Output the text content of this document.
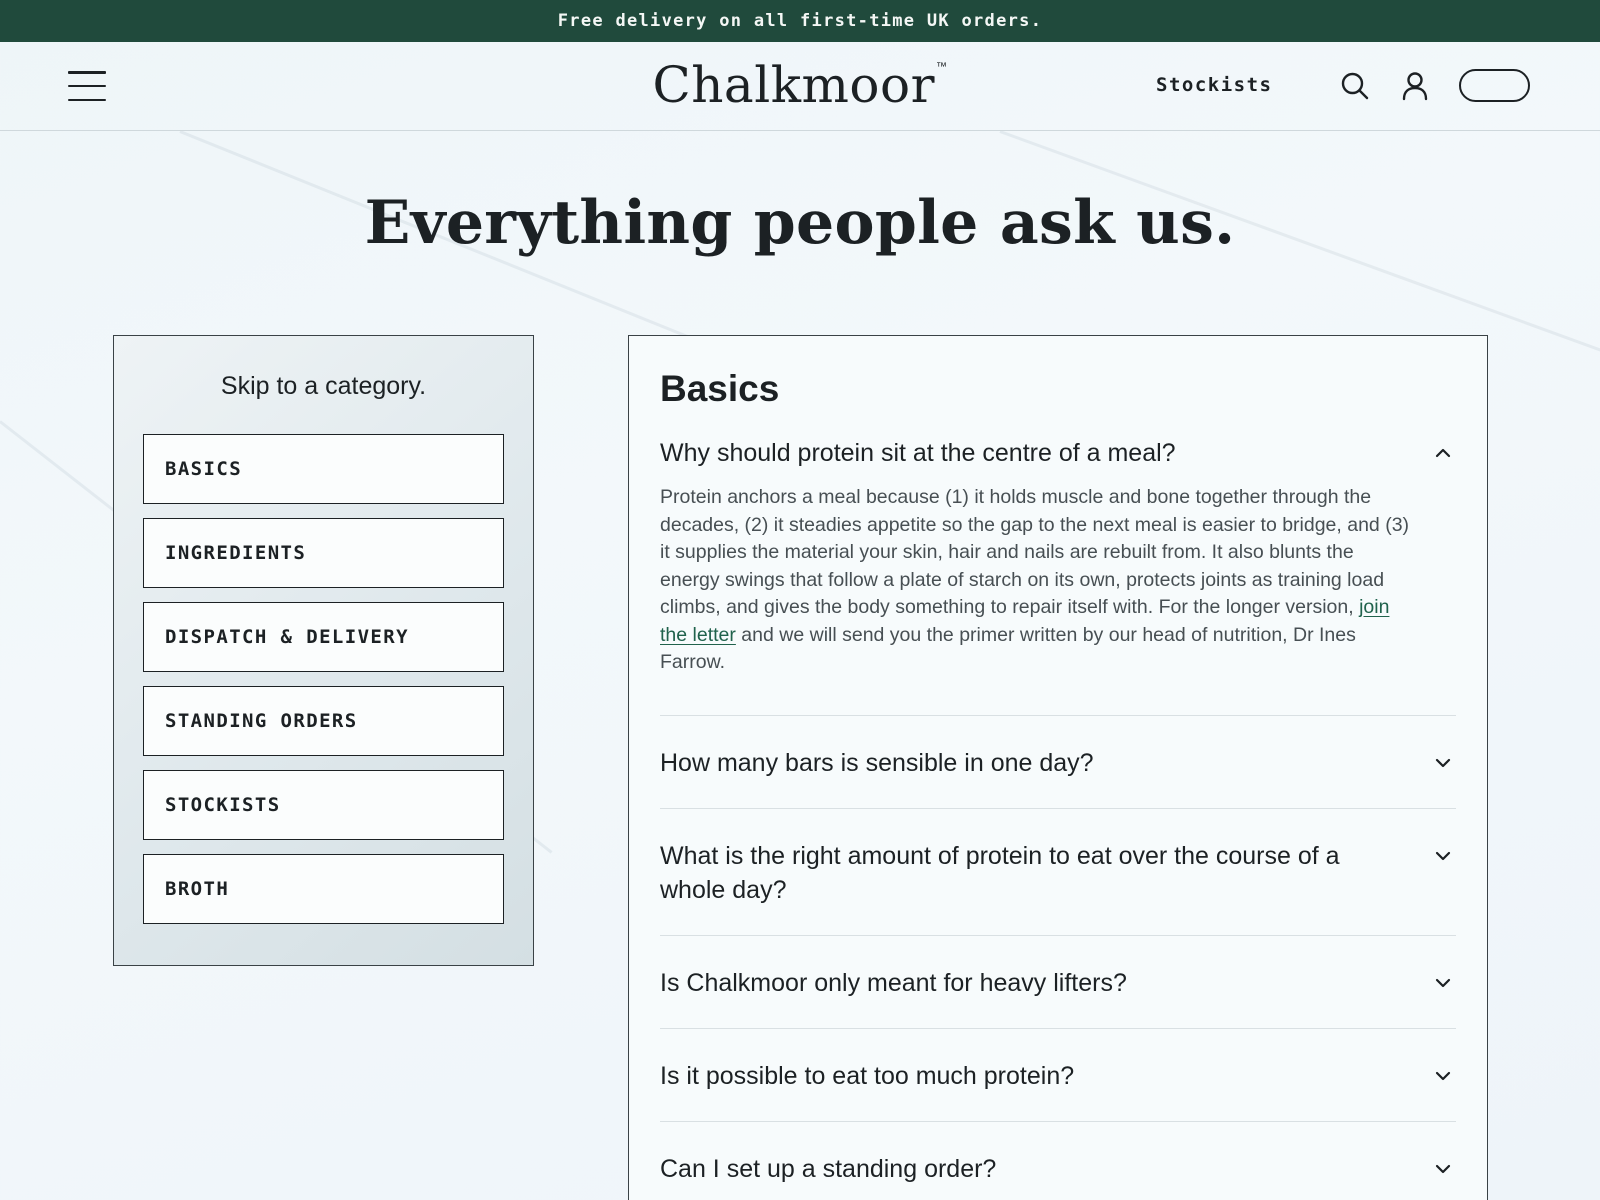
Free delivery on all first-time UK orders.
Chalkmoor™
Stockists
Everything people ask us.
Skip to a category.
BASICS
INGREDIENTS
DISPATCH & DELIVERY
STANDING ORDERS
STOCKISTS
BROTH
Basics
Why should protein sit at the centre of a meal?

Protein anchors a meal because (1) it holds muscle and bone together through the decades, (2) it steadies appetite so the gap to the next meal is easier to bridge, and (3) it supplies the material your skin, hair and nails are rebuilt from. It also blunts the energy swings that follow a plate of starch on its own, protects joints as training load climbs, and gives the body something to repair itself with. For the longer version, join the letter and we will send you the primer written by our head of nutrition, Dr Ines Farrow.

How many bars is sensible in one day?
What is the right amount of protein to eat over the course of a whole day?
Is Chalkmoor only meant for heavy lifters?
Is it possible to eat too much protein?
Can I set up a standing order?
